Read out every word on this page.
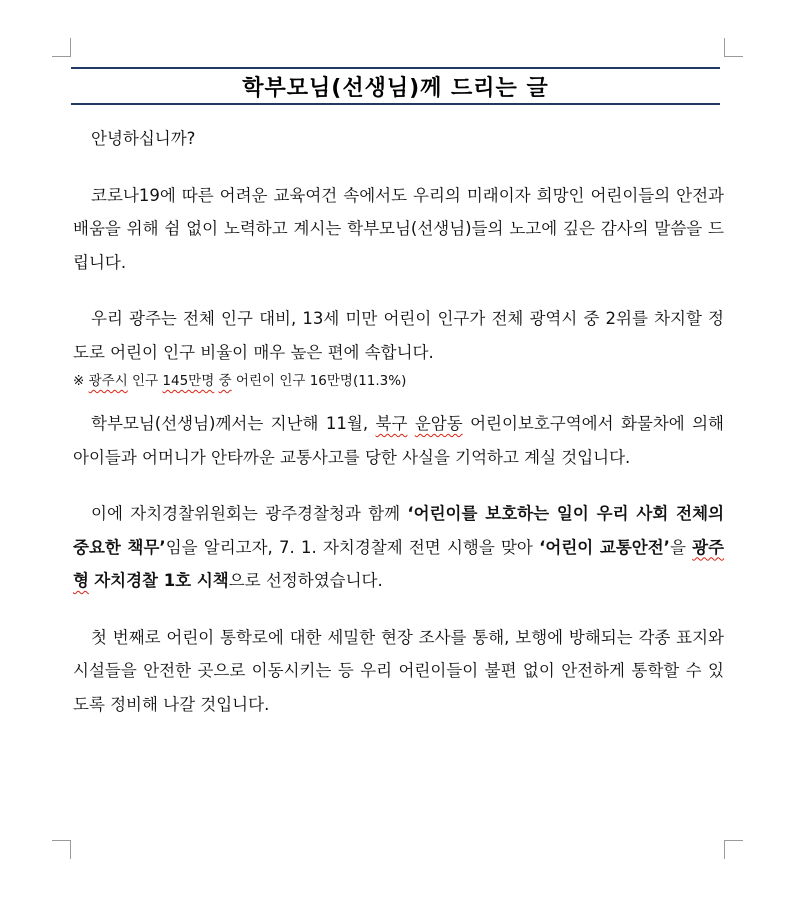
학부모님(선생님)께 드리는 글

안녕하십니까?

코로나19에 따른 어려운 교육여건 속에서도 우리의 미래이자 희망인 어린이들의 안전과 배움을 위해 쉼 없이 노력하고 계시는 학부모님(선생님)들의 노고에 깊은 감사의 말씀을 드립니다.

우리 광주는 전체 인구 대비, 13세 미만 어린이 인구가 전체 광역시 중 2위를 차지할 정도로 어린이 인구 비율이 매우 높은 편에 속합니다.

※ 광주시 인구 145만명 중 어린이 인구 16만명(11.3%)

학부모님(선생님)께서는 지난해 11월, 북구 운암동 어린이보호구역에서 화물차에 의해 아이들과 어머니가 안타까운 교통사고를 당한 사실을 기억하고 계실 것입니다.

이에 자치경찰위원회는 광주경찰청과 함께 ‘어린이를 보호하는 일이 우리 사회 전체의 중요한 책무’임을 알리고자, 7. 1. 자치경찰제 전면 시행을 맞아 ‘어린이 교통안전’을 광주형 자치경찰 1호 시책으로 선정하였습니다.

첫 번째로 어린이 통학로에 대한 세밀한 현장 조사를 통해, 보행에 방해되는 각종 표지와 시설들을 안전한 곳으로 이동시키는 등 우리 어린이들이 불편 없이 안전하게 통학할 수 있도록 정비해 나갈 것입니다.
